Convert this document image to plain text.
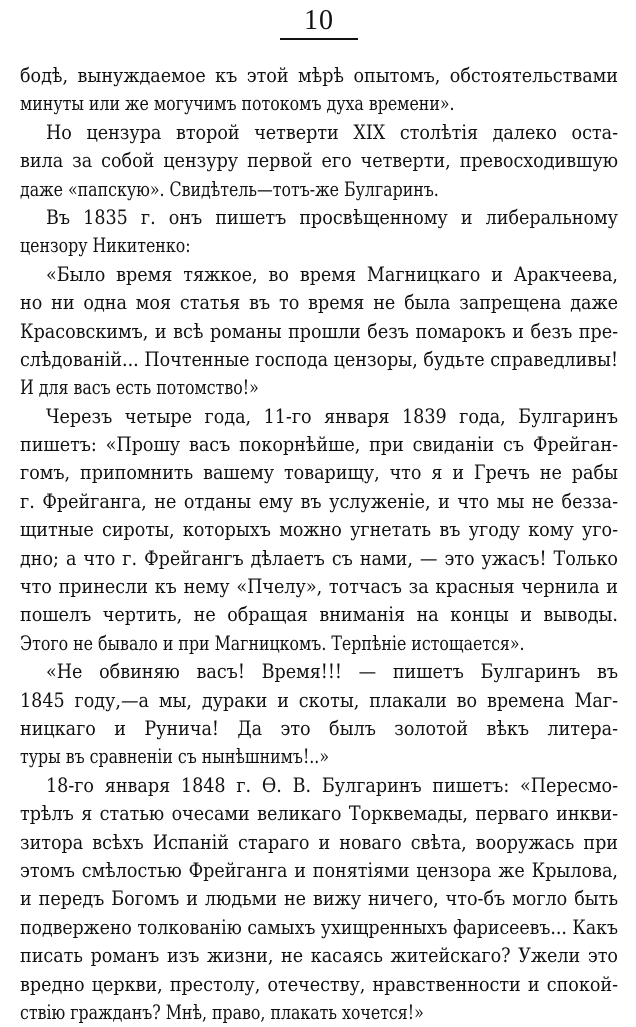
10
бодѣ, вынуждаемое къ этой мѣрѣ опытомъ, обстоятельствами
минуты или же могучимъ потокомъ духа времени».
Но цензура второй четверти XIX столѣтія далеко оста-
вила за собой цензуру первой его четверти, превосходившую
даже «папскую». Свидѣтель—тотъ-же Булгаринъ.
Въ 1835 г. онъ пишетъ просвѣщенному и либеральному
цензору Никитенко:
«Было время тяжкое, во время Магницкаго и Аракчеева,
но ни одна моя статья въ то время не была запрещена даже
Красовскимъ, и всѣ романы прошли безъ помарокъ и безъ пре-
слѣдованій... Почтенные господа цензоры, будьте справедливы!
И для васъ есть потомство!»
Черезъ четыре года, 11-го января 1839 года, Булгаринъ
пишетъ: «Прошу васъ покорнѣйше, при свиданіи съ Фрейган-
гомъ, припомнить вашему товарищу, что я и Гречъ не рабы
г. Фрейганга, не отданы ему въ услуженіе, и что мы не безза-
щитные сироты, которыхъ можно угнетать въ угоду кому уго-
дно; а что г. Фрейгангъ дѣлаетъ съ нами, — это ужасъ! Только
что принесли къ нему «Пчелу», тотчасъ за красныя чернила и
пошелъ чертить, не обращая вниманія на концы и выводы.
Этого не бывало и при Магницкомъ. Терпѣніе истощается».
«Не обвиняю васъ! Время!!! — пишетъ Булгаринъ въ
1845 году,—а мы, дураки и скоты, плакали во времена Маг-
ницкаго и Рунича! Да это былъ золотой вѣкъ литера-
туры въ сравненіи съ нынѣшнимъ!..»
18-го января 1848 г. Ѳ. В. Булгаринъ пишетъ: «Пересмо-
трѣлъ я статью очесами великаго Торквемады, перваго инкви-
зитора всѣхъ Испаній стараго и новаго свѣта, вооружась при
этомъ смѣлостью Фрейганга и понятіями цензора же Крылова,
и передъ Богомъ и людьми не вижу ничего, что-бъ могло быть
подвержено толкованію самыхъ ухищренныхъ фарисеевъ... Какъ
писать романъ изъ жизни, не касаясь житейскаго? Ужели это
вредно церкви, престолу, отечеству, нравственности и спокой-
ствію гражданъ? Мнѣ, право, плакать хочется!»
